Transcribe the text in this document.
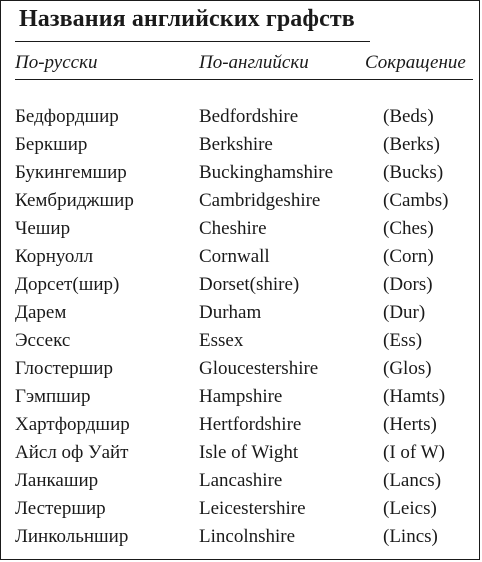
Названия английских графств
По-русски	По-английски	Сокращение
Бедфордшир	Bedfordshire	(Beds)
Беркшир	Berkshire	(Berks)
Букингемшир	Buckinghamshire	(Bucks)
Кембриджшир	Cambridgeshire	(Cambs)
Чешир	Cheshire	(Ches)
Корнуолл	Cornwall	(Corn)
Дорсет(шир)	Dorset(shire)	(Dors)
Дарем	Durham	(Dur)
Эссекс	Essex	(Ess)
Глостершир	Gloucestershire	(Glos)
Гэмпшир	Hampshire	(Hamts)
Хартфордшир	Hertfordshire	(Herts)
Айсл оф Уайт	Isle of Wight	(I of W)
Ланкашир	Lancashire	(Lancs)
Лестершир	Leicestershire	(Leics)
Линкольншир	Lincolnshire	(Lincs)
